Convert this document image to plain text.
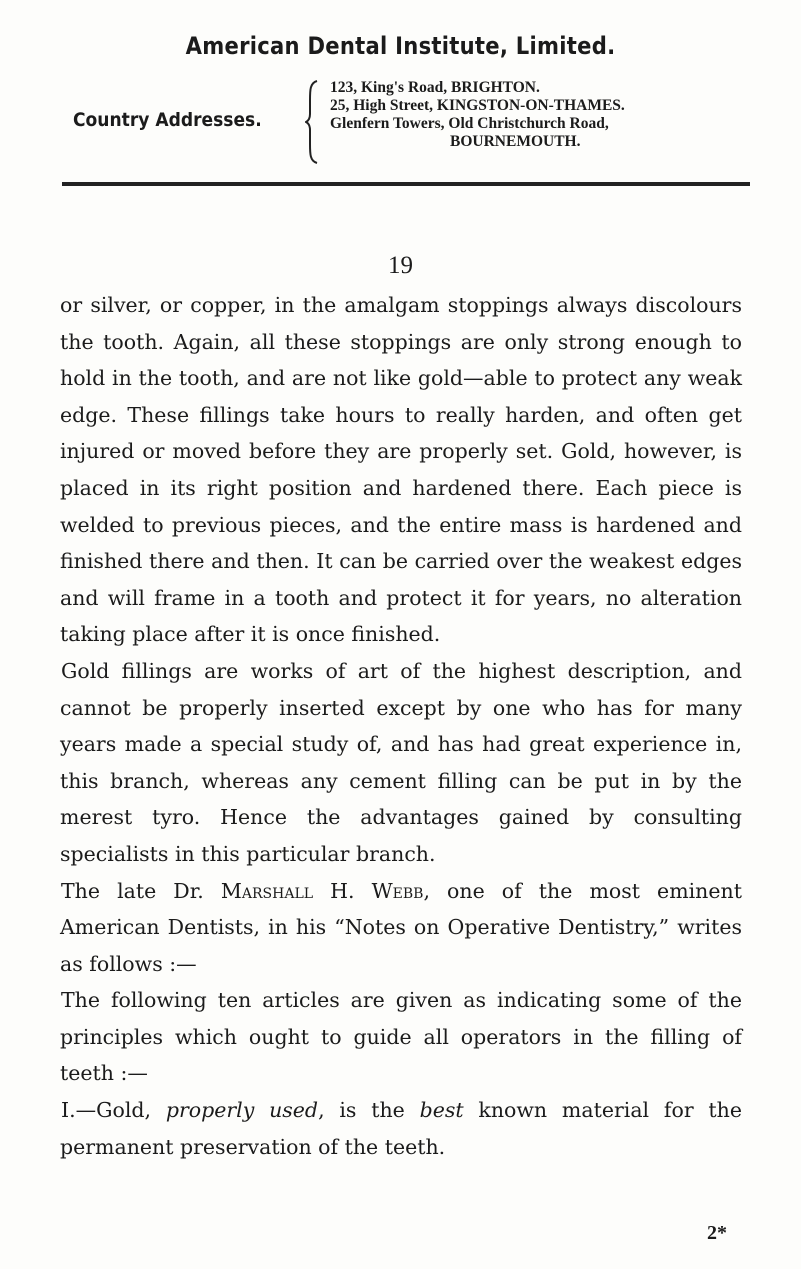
American Dental Institute, Limited.
Country Addresses.
123, King's Road, BRIGHTON.
25, High Street, KINGSTON-ON-THAMES.
Glenfern Towers, Old Christchurch Road,
BOURNEMOUTH.
19

or silver, or copper, in the amalgam stoppings always discolours the tooth. Again, all these stoppings are only strong enough to hold in the tooth, and are not like gold—able to protect any weak edge. These fillings take hours to really harden, and often get injured or moved before they are properly set. Gold, however, is placed in its right position and hardened there. Each piece is welded to previous pieces, and the entire mass is hardened and finished there and then. It can be carried over the weakest edges and will frame in a tooth and protect it for years, no alteration taking place after it is once finished.

Gold fillings are works of art of the highest description, and cannot be properly inserted except by one who has for many years made a special study of, and has had great experience in, this branch, whereas any cement filling can be put in by the merest tyro. Hence the advantages gained by consulting specialists in this particular branch.

The late Dr. Marshall H. Webb, one of the most eminent American Dentists, in his “Notes on Operative Dentistry,” writes as follows :—

The following ten articles are given as indicating some of the principles which ought to guide all operators in the filling of teeth :—

I.—Gold, properly used, is the best known material for the permanent preservation of the teeth.

2*
